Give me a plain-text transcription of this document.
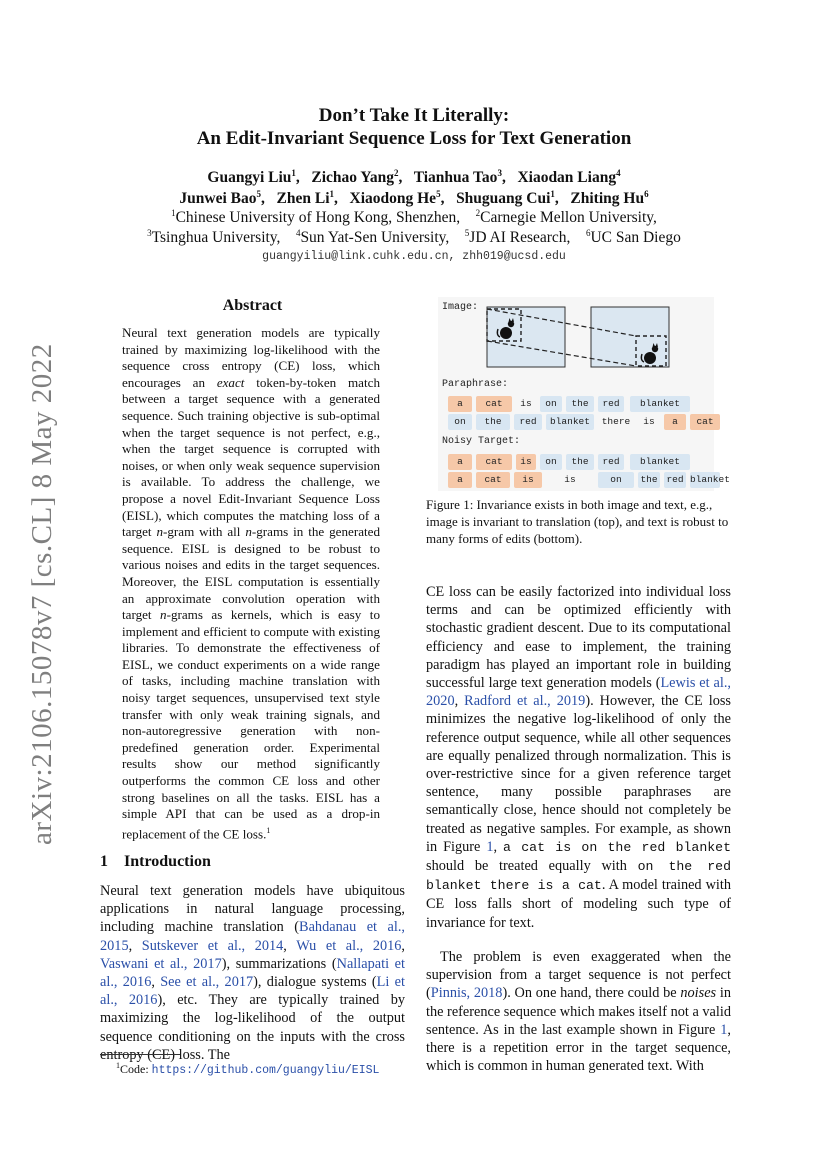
arXiv:2106.15078v7 [cs.CL] 8 May 2022
Don’t Take It Literally:
An Edit-Invariant Sequence Loss for Text Generation
Guangyi Liu$^1$,  Zichao Yang$^2$,  Tianhua Tao$^3$,  Xiaodan Liang$^4$
Junwei Bao$^5$,  Zhen Li$^1$,  Xiaodong He$^5$,  Shuguang Cui$^1$,  Zhiting Hu$^6$
$^1$Chinese University of Hong Kong, Shenzhen,  $^2$Carnegie Mellon University,
$^3$Tsinghua University,  $^4$Sun Yat-Sen University,  $^5$JD AI Research,  $^6$UC San Diego
guangyiliu@link.cuhk.edu.cn, zhh019@ucsd.edu
Abstract
Neural text generation models are typically trained by maximizing log-likelihood with the sequence cross entropy (CE) loss, which encourages an exact token-by-token match between a target sequence with a generated sequence. Such training objective is sub-optimal when the target sequence is not perfect, e.g., when the target sequence is corrupted with noises, or when only weak sequence supervision is available. To address the challenge, we propose a novel Edit-Invariant Sequence Loss (EISL), which computes the matching loss of a target n-gram with all n-grams in the generated sequence. EISL is designed to be robust to various noises and edits in the target sequences. Moreover, the EISL computation is essentially an approximate convolution operation with target n-grams as kernels, which is easy to implement and efficient to compute with existing libraries. To demonstrate the effectiveness of EISL, we conduct experiments on a wide range of tasks, including machine translation with noisy target sequences, unsupervised text style transfer with only weak training signals, and non-autoregressive generation with non-predefined generation order. Experimental results show our method significantly outperforms the common CE loss and other strong baselines on all the tasks. EISL has a simple API that can be used as a drop-in replacement of the CE loss.$^1$
1 Introduction
Neural text generation models have ubiquitous applications in natural language processing, including machine translation (Bahdanau et al., 2015, Sutskever et al., 2014, Wu et al., 2016, Vaswani et al., 2017), summarizations (Nallapati et al., 2016, See et al., 2017), dialogue systems (Li et al., 2016), etc. They are typically trained by maximizing the log-likelihood of the output sequence conditioning on the inputs with the cross entropy (CE) loss. The
$^1$Code: https://github.com/guangyliu/EISL
Image:
Paraphrase:
a	cat	is	on	the	red	blanket
on	the	red	blanket	there	is	a	cat
Noisy Target:
a	cat	is	on	the	red	blanket
a	cat	is	is	on	the red blanket
Figure 1: Invariance exists in both image and text, e.g., image is invariant to translation (top), and text is robust to many forms of edits (bottom).
CE loss can be easily factorized into individual loss terms and can be optimized efficiently with stochastic gradient descent. Due to its computational efficiency and ease to implement, the training paradigm has played an important role in building successful large text generation models (Lewis et al., 2020, Radford et al., 2019). However, the CE loss minimizes the negative log-likelihood of only the reference output sequence, while all other sequences are equally penalized through normalization. This is over-restrictive since for a given reference target sentence, many possible paraphrases are semantically close, hence should not completely be treated as negative samples. For example, as shown in Figure 1, a cat is on the red blanket should be treated equally with on the red blanket there is a cat. A model trained with CE loss falls short of modeling such type of invariance for text.
The problem is even exaggerated when the supervision from a target sequence is not perfect (Pinnis, 2018). On one hand, there could be noises in the reference sequence which makes itself not a valid sentence. As in the last example shown in Figure 1, there is a repetition error in the target sequence, which is common in human generated text. With
